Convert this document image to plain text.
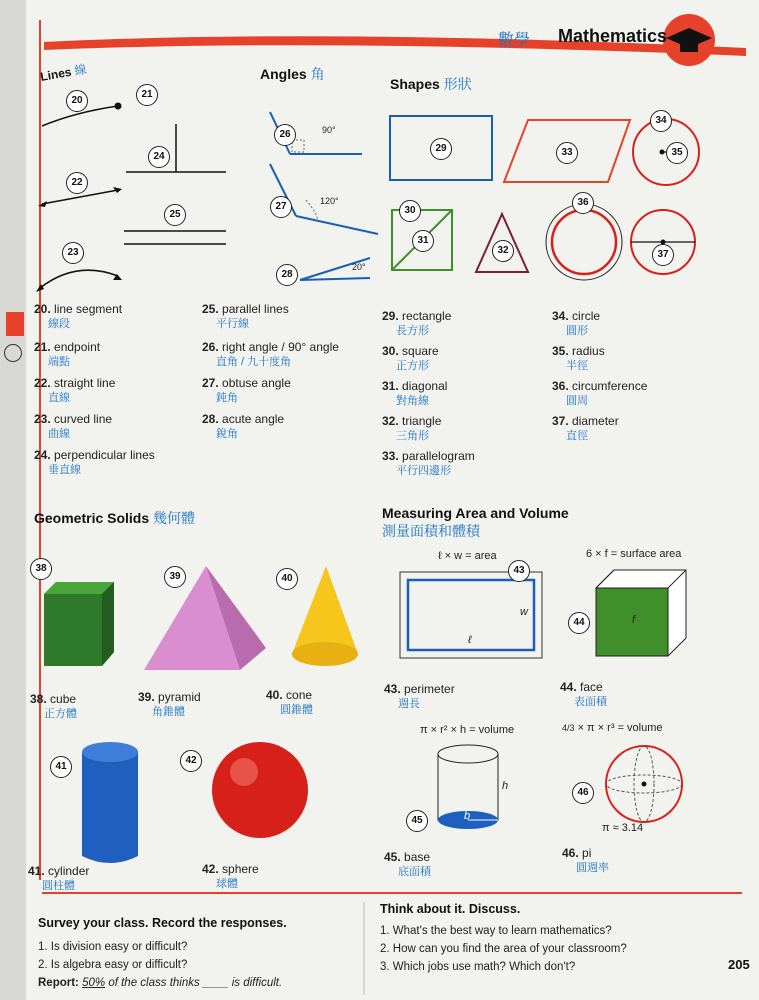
數學 Mathematics
Lines 線	Angles 角
Shapes 形狀
Geometric Solids 幾何體	Measuring Area and Volume
測量面積和體積
90°
120°
20°
20
21
22
23
24
25
26
27
28
29
30
31
32
33
34
35
36
37
38
39	40
41
42
43
44
45
46
ℓ × w = area	6 × f = surface area
π × r² × h = volume	4/3 × π × r³ = volume
π ≈ 3.14
w
ℓ
f
h
b
20. line segment
線段
21. endpoint
端點
22. straight line
直線
23. curved line
曲線
24. perpendicular lines
垂直線
25. parallel lines
平行線
26. right angle / 90° angle
直角 / 九十度角
27. obtuse angle
鈍角
28. acute angle
銳角
29. rectangle
長方形
30. square
正方形
31. diagonal
對角線
32. triangle
三角形
33. parallelogram
平行四邊形
34. circle
圓形
35. radius
半徑
36. circumference
圓周
37. diameter
直徑
38. cube
正方體
39. pyramid
角錐體
40. cone
圓錐體
41. cylinder
圓柱體
42. sphere
球體
43. perimeter
週長
44. face
表面積
45. base
底面積
46. pi
圓週率
Survey your class. Record the responses.
1. Is division easy or difficult?
2. Is algebra easy or difficult?
Report: 50% of the class thinks ____ is difficult.
Think about it. Discuss.
1. What's the best way to learn mathematics?
2. How can you find the area of your classroom?
3. Which jobs use math? Which don't?	205
